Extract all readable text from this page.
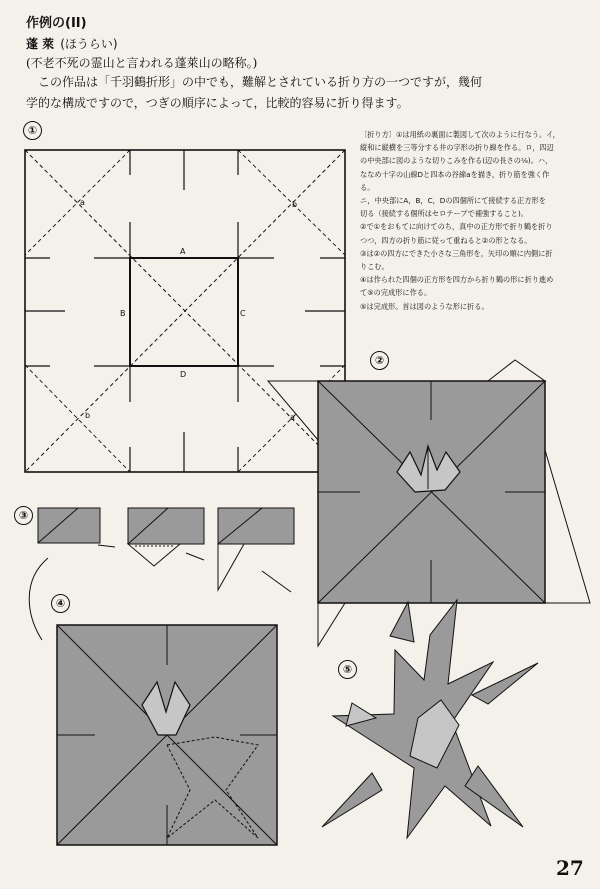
作例の(II)
蓬 萊 (ほうらい)
(不老不死の霊山と言われる蓬萊山の略称。)
この作品は「千羽鶴折形」の中でも，難解とされている折り方の一つですが，幾何学的な構成ですので，つぎの順序によって，比較的容易に折り得ます。

〔折り方〕①は用紙の裏面に製図して次のように行なう。イ，

縦和に縦横を三等分する井の字形の折り線を作る。ロ，四辺

の中央部に図のような切りこみを作る(辺の長さの⅛)。ハ，

ななめ十字の山線Dと四本の谷線aを描き，折り筋を強く作

る。

ニ，中央部にA，B，C，Dの四個所にて接続する正方形を

切る（接続する個所はセロテープで補強すること)。

②で①をおもてに向けてのち，真中の正方形で折り鶴を折り

つつ，四方の折り筋に従って重ねると②の形となる。

③は②の四方にできた小さな三角形を，矢印の順に内側に折

りこむ。

④は作られた四個の正方形を四方から折り鶴の形に折り進め

て⑤の完成形に作る。

⑤は完成形。首は図のような形に折る。

A
B	C
D
a	b
b	a
①
②
③
④
⑤
27
